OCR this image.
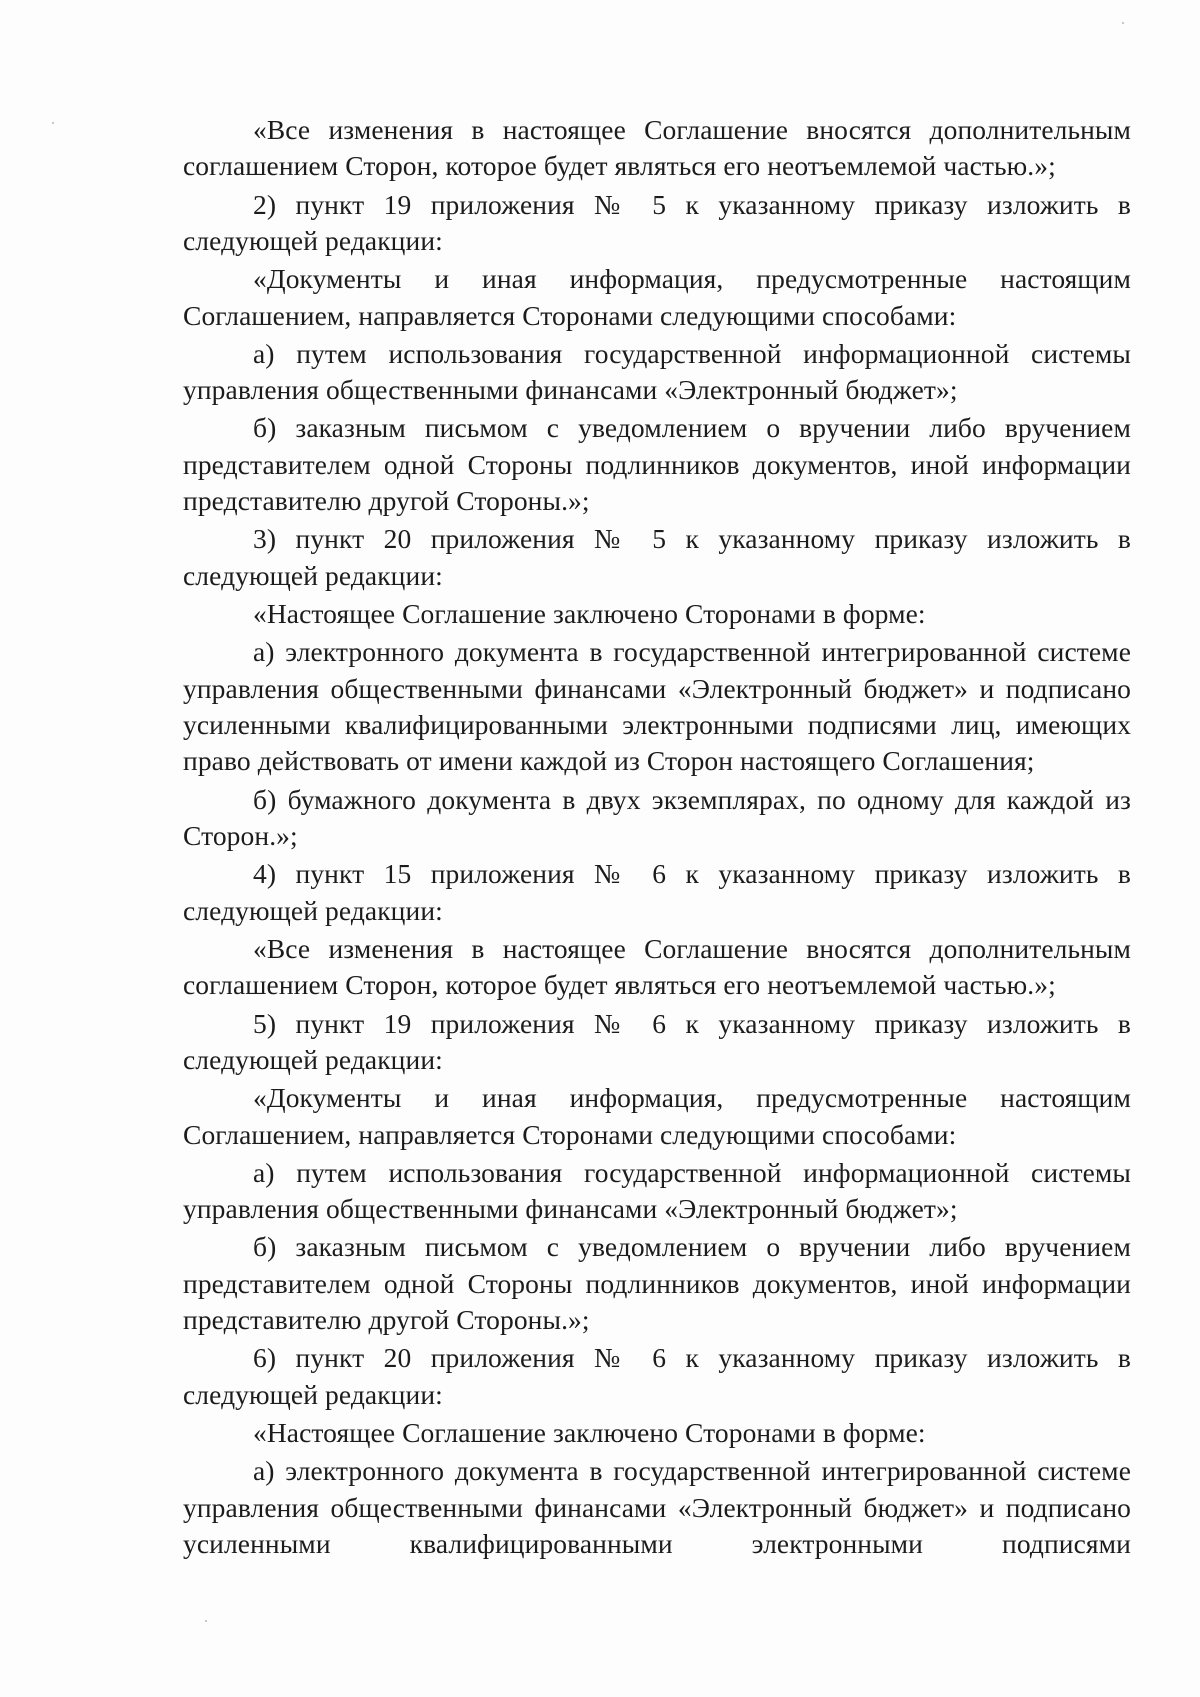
«Все изменения в настоящее Соглашение вносятся дополнительным соглашением Сторон, которое будет являться его неотъемлемой частью.»;

2) пункт 19 приложения № 5 к указанному приказу изложить в следующей редакции:

«Документы и иная информация, предусмотренные настоящим Соглашением, направляется Сторонами следующими способами:

а) путем использования государственной информационной системы управления общественными финансами «Электронный бюджет»;

б) заказным письмом с уведомлением о вручении либо вручением представителем одной Стороны подлинников документов, иной информации представителю другой Стороны.»;

3) пункт 20 приложения № 5 к указанному приказу изложить в следующей редакции:

«Настоящее Соглашение заключено Сторонами в форме:

а) электронного документа в государственной интегрированной системе управления общественными финансами «Электронный бюджет» и подписано усиленными квалифицированными электронными подписями лиц, имеющих право действовать от имени каждой из Сторон настоящего Соглашения;

б) бумажного документа в двух экземплярах, по одному для каждой из Сторон.»;

4) пункт 15 приложения № 6 к указанному приказу изложить в следующей редакции:

«Все изменения в настоящее Соглашение вносятся дополнительным соглашением Сторон, которое будет являться его неотъемлемой частью.»;

5) пункт 19 приложения № 6 к указанному приказу изложить в следующей редакции:

«Документы и иная информация, предусмотренные настоящим Соглашением, направляется Сторонами следующими способами:

а) путем использования государственной информационной системы управления общественными финансами «Электронный бюджет»;

б) заказным письмом с уведомлением о вручении либо вручением представителем одной Стороны подлинников документов, иной информации представителю другой Стороны.»;

6) пункт 20 приложения № 6 к указанному приказу изложить в следующей редакции:

«Настоящее Соглашение заключено Сторонами в форме:

а) электронного документа в государственной интегрированной системе управления общественными финансами «Электронный бюджет» и подписано усиленными квалифицированными электронными подписями
